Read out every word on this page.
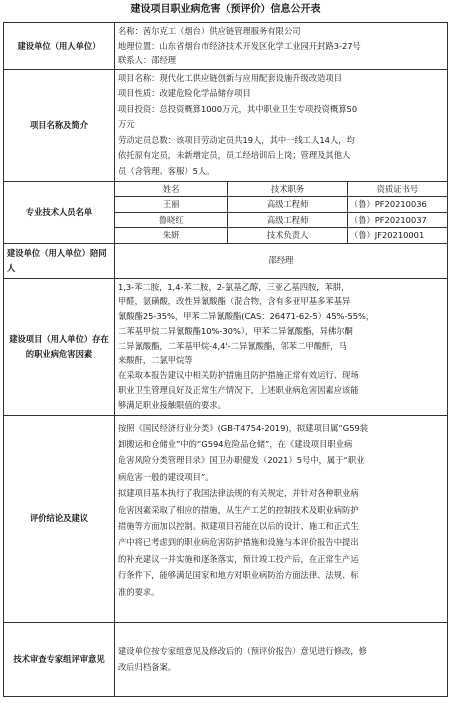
建设项目职业病危害（预评价）信息公开表
建设单位（用人单位）	
名称：茜尔克工（烟台）供应链管理服务有限公司
地理位置：山东省烟台市经济技术开发区化学工业园开封路3-27号
联系人：邵经理

项目名称及简介	
项目名称：现代化工供应链创新与应用配套设施升级改造项目
项目性质：改建危险化学品储存项目
项目投资：总投资概算1000万元，其中职业卫生专项投资概算50
万元
劳动定员总数：该项目劳动定员共19人，其中一线工人14人，均
依托原有定员，未新增定员，员工经培训后上岗；管理及其他人
员（含管理、客服）5人。

专业技术人员名单	
姓名	技术职务	资质证书号
王丽	高级工程师	（鲁）PF20210036
鲁晓红	高级工程师	（鲁）PF20210037
朱妍	技术负责人	（鲁）JF20210001

建设单位（用人单位）陪同人	邵经理
建设项目（用人单位）存在的职业病危害因素	
1,3-苯二胺，1,4-苯二胺，2-氯基乙醇，三亚乙基四胺，苯肼，
甲醛，氨磺酸，改性异氰酸酯（混合物，含有多亚甲基多苯基异
氰酸酯25-35%，甲苯二异氰酸酯(CAS：26471-62-5）45%-55%，
二苯基甲烷二异氰酸酯10%-30%），甲苯二异氰酸酯，异佛尔酮
二异氰酸酯，二苯基甲烷-4,4'-二异氰酸酯，邻苯二甲酸酐，马
来酸酐，二氯甲烷等
在采取本报告建议中相关防护措施且防护措施正常有效运行、现场
职业卫生管理良好及正常生产情况下，上述职业病危害因素应该能
够满足职业接触限值的要求。

评价结论及建议	
按照《国民经济行业分类》(GB-T4754-2019)，拟建项目属“G59装
卸搬运和仓储业”中的“G594危险品仓储”，在《建设项目职业病
危害风险分类管理目录》国卫办职健发（2021）5号中，属于“职业
病危害一般的建设项目”。
拟建项目基本执行了我国法律法规的有关规定，并针对各种职业病
危害因素采取了相应的措施，从生产工艺的控制技术及职业病防护
措施等方面加以控制。拟建项目若能在以后的设计、施工和正式生
产中将已考虑到的职业病危害防护措施和设施与本评价报告中提出
的补充建议一并实施和逐条落实，预计竣工投产后，在正常生产运
行条件下，能够满足国家和地方对职业病防治方面法律、法规、标
准的要求。

技术审查专家组评审意见	
建设单位按专家组意见及修改后的（预评价报告）意见进行修改，修
改后归档备案。
